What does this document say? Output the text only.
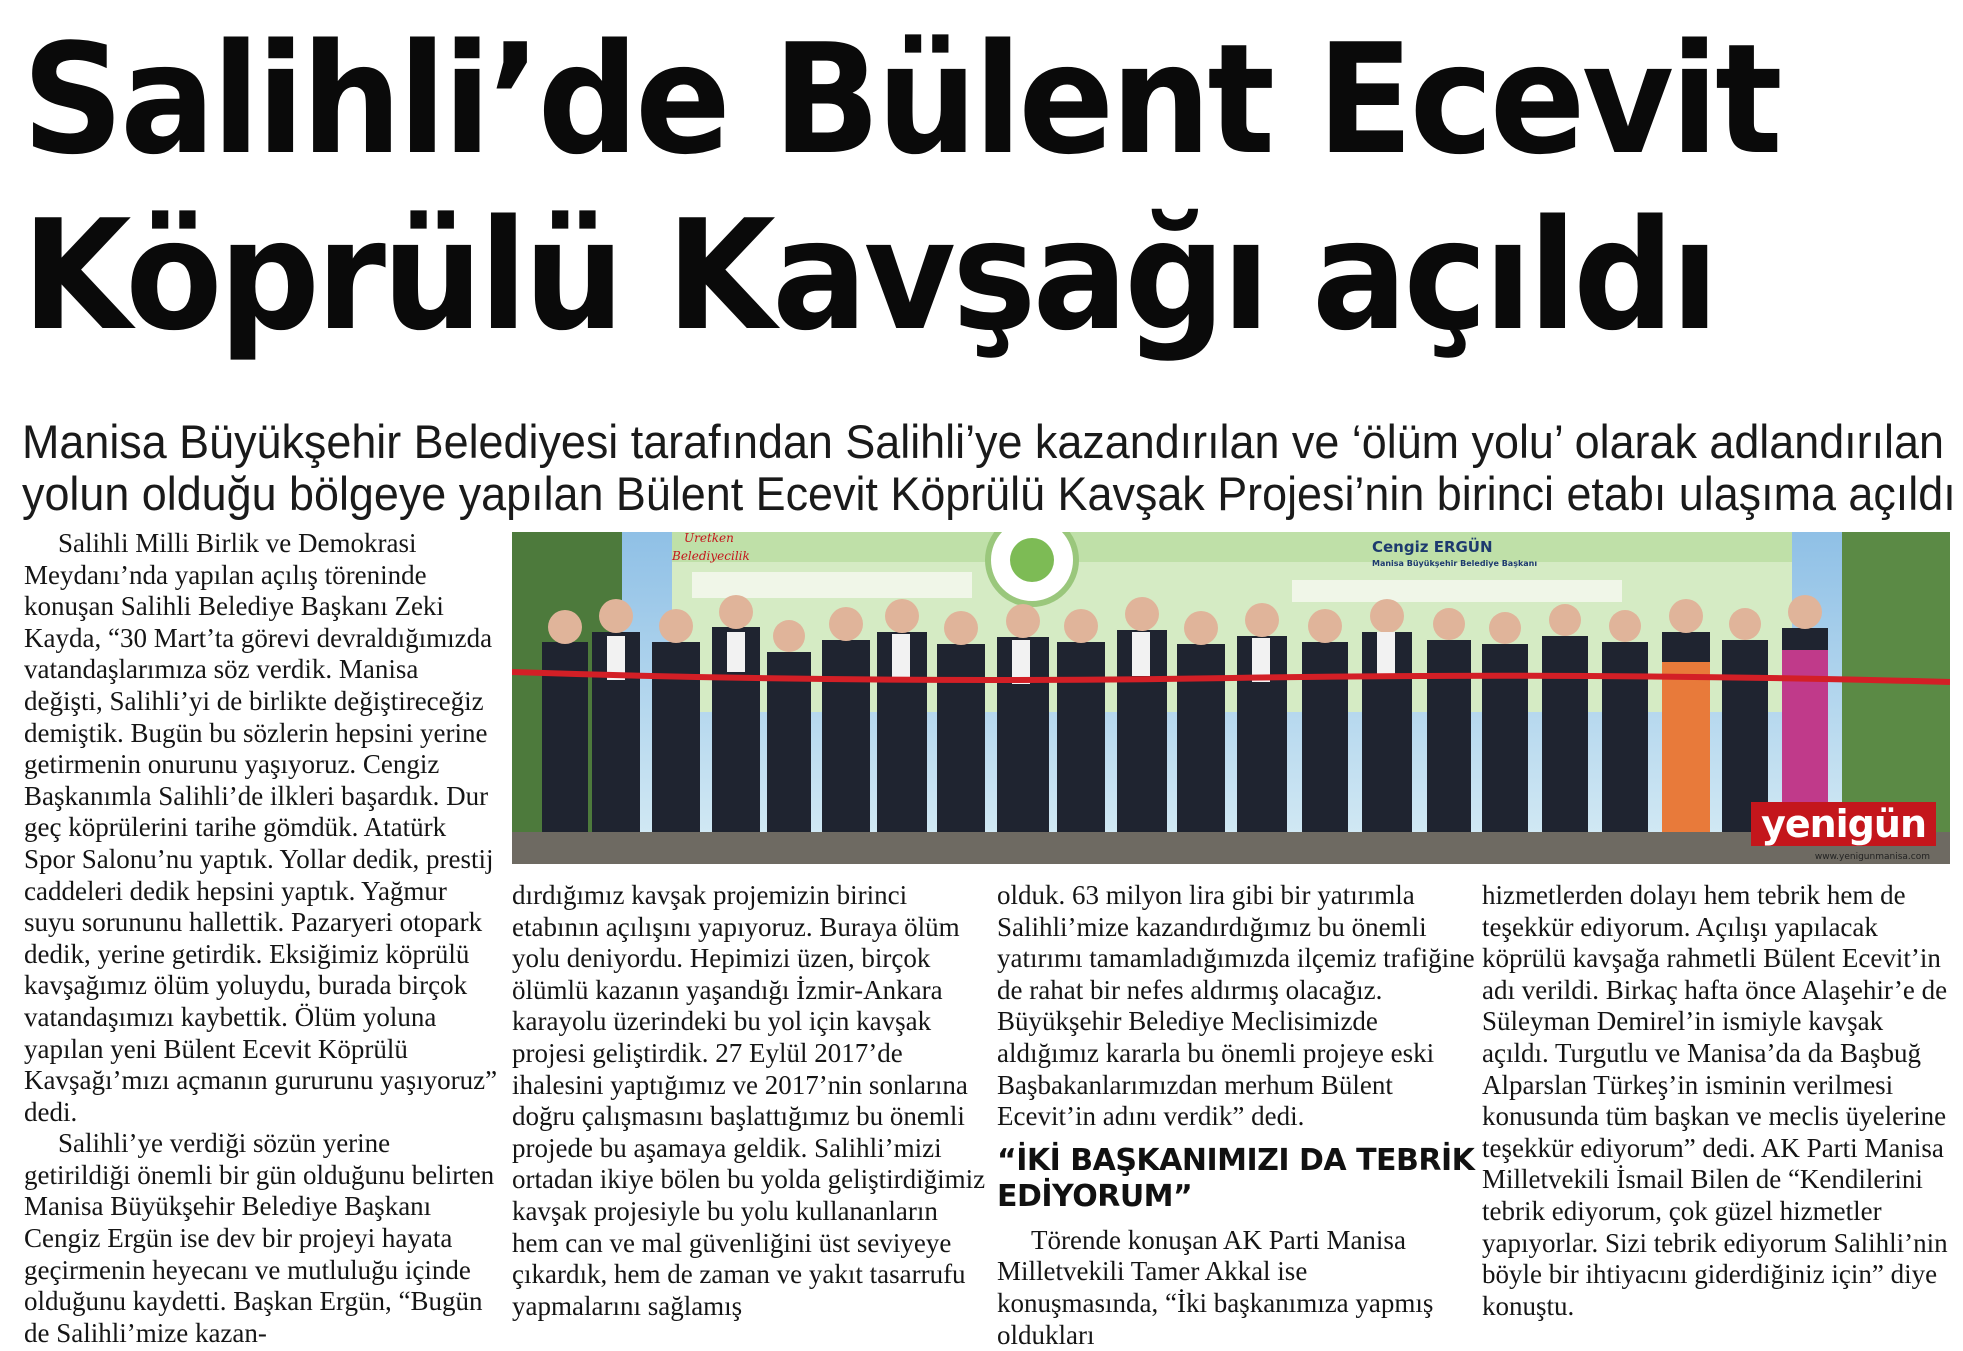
Salihli’de Bülent Ecevit
Köprülü Kavşağı açıldı
Manisa Büyükşehir Belediyesi tarafından Salihli’ye kazandırılan ve ‘ölüm yolu’ olarak adlandırılan
yolun olduğu bölgeye yapılan Bülent Ecevit Köprülü Kavşak Projesi’nin birinci etabı ulaşıma açıldı

Salihli Milli Birlik ve Demokrasi Meydanı’nda yapılan açılış töreninde konuşan Salihli Belediye Başkanı Zeki Kayda, “30 Mart’ta görevi devraldığımızda vatandaşlarımıza söz verdik. Manisa değişti, Salihli’yi de birlikte değiştireceğiz demiştik. Bugün bu sözlerin hepsini yerine getirmenin onurunu yaşıyoruz. Cengiz Başkanımla Salihli’de ilkleri başardık. Dur geç köprülerini tarihe gömdük. Atatürk Spor Salonu’nu yaptık. Yollar dedik, prestij caddeleri dedik hepsini yaptık. Yağmur suyu sorununu hallettik. Pazaryeri otopark dedik, yerine getirdik. Eksiğimiz köprülü kavşağımız ölüm yoluydu, burada birçok vatandaşımızı kaybettik. Ölüm yoluna yapılan yeni Bülent Ecevit Köprülü Kavşağı’mızı açmanın gururunu yaşıyoruz” dedi.

Salihli’ye verdiği sözün yerine getirildiği önemli bir gün olduğunu belirten Manisa Büyükşehir Belediye Başkanı Cengiz Ergün ise dev bir projeyi hayata geçirmenin heyecanı ve mutluluğu içinde olduğunu kaydetti. Başkan Ergün, “Bugün de Salihli’mize kazan-

Cengiz ERGÜN
Manisa Büyükşehir Belediye Başkanı
Üretken
Belediyecilik
yenigün
www.yenigunmanisa.com

dırdığımız kavşak projemizin birinci etabının açılışını yapıyoruz. Buraya ölüm yolu deniyordu. Hepimizi üzen, birçok ölümlü kazanın yaşandığı İzmir-Ankara karayolu üzerindeki bu yol için kavşak projesi geliştirdik. 27 Eylül 2017’de ihalesini yaptığımız ve 2017’nin sonlarına doğru çalışmasını başlattığımız bu önemli projede bu aşamaya geldik. Salihli’mizi ortadan ikiye bölen bu yolda geliştirdiğimiz kavşak projesiyle bu yolu kullananların hem can ve mal güvenliğini üst seviyeye çıkardık, hem de zaman ve yakıt tasarrufu yapmalarını sağlamış

olduk. 63 milyon lira gibi bir yatırımla Salihli’mize kazandırdığımız bu önemli yatırımı tamamladığımızda ilçemiz trafiğine de rahat bir nefes aldırmış olacağız. Büyükşehir Belediye Meclisimizde aldığımız kararla bu önemli projeye eski Başbakanlarımızdan merhum Bülent Ecevit’in adını verdik” dedi.

“İKİ BAŞKANIMIZI DA TEBRİK EDİYORUM”

Törende konuşan AK Parti Manisa Milletvekili Tamer Akkal ise konuşmasında, “İki başkanımıza yapmış oldukları

hizmetlerden dolayı hem tebrik hem de teşekkür ediyorum. Açılışı yapılacak köprülü kavşağa rahmetli Bülent Ecevit’in adı verildi. Birkaç hafta önce Alaşehir’e de Süleyman Demirel’in ismiyle kavşak açıldı. Turgutlu ve Manisa’da da Başbuğ Alparslan Türkeş’in isminin verilmesi konusunda tüm başkan ve meclis üyelerine teşekkür ediyorum” dedi. AK Parti Manisa Milletvekili İsmail Bilen de “Kendilerini tebrik ediyorum, çok güzel hizmetler yapıyorlar. Sizi tebrik ediyorum Salihli’nin böyle bir ihtiyacını giderdiğiniz için” diye konuştu.
